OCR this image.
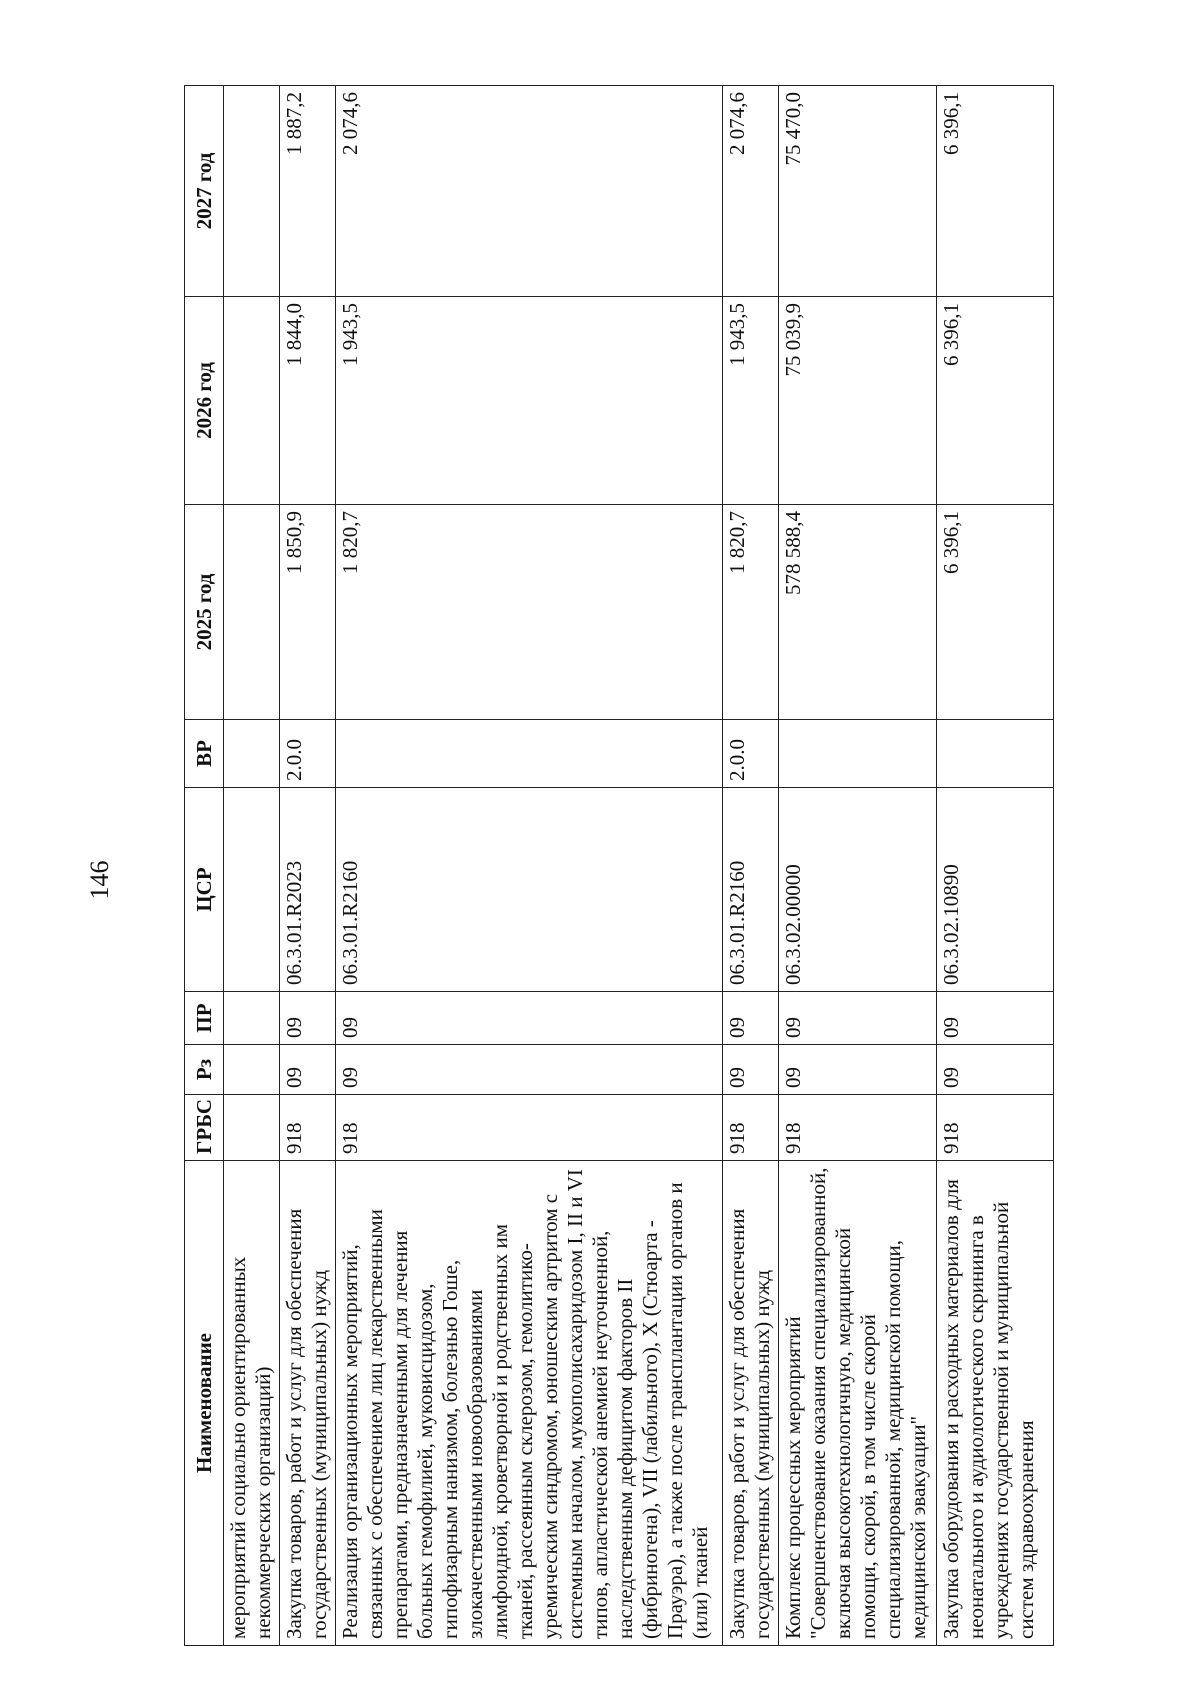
146
Наименование	ГРБС	Рз	ПР	ЦСР	ВР	2025 год	2026 год	2027 год
мероприятий социально ориентированных некоммерческих организаций)								
Закупка товаров, работ и услуг для обеспечения государственных (муниципальных) нужд	918	09	09	06.3.01.R2023	2.0.0	1 850,9	1 844,0	1 887,2
Реализация организационных мероприятий, связанных с обеспечением лиц лекарственными препаратами, предназначенными для лечения больных гемофилией, муковисцидозом, гипофизарным нанизмом, болезнью Гоше, злокачественными новообразованиями лимфоидной, кроветворной и родственных им тканей, рассеянным склерозом, гемолитико-уремическим синдромом, юношеским артритом с системным началом, мукополисахаридозом I, II и VI типов, апластической анемией неуточненной, наследственным дефицитом факторов II (фибриногена), VII (лабильного), X (Стюарта - Прауэра), а также после трансплантации органов и (или) тканей	918	09	09	06.3.01.R2160		1 820,7	1 943,5	2 074,6
Закупка товаров, работ и услуг для обеспечения государственных (муниципальных) нужд	918	09	09	06.3.01.R2160	2.0.0	1 820,7	1 943,5	2 074,6
Комплекс процессных мероприятий "Совершенствование оказания специализированной, включая высокотехнологичную, медицинской помощи, скорой, в том числе скорой специализированной, медицинской помощи, медицинской эвакуации"	918	09	09	06.3.02.00000		578 588,4	75 039,9	75 470,0
Закупка оборудования и расходных материалов для неонатального и аудиологического скрининга в учреждениях государственной и муниципальной систем здравоохранения	918	09	09	06.3.02.10890		6 396,1	6 396,1	6 396,1
